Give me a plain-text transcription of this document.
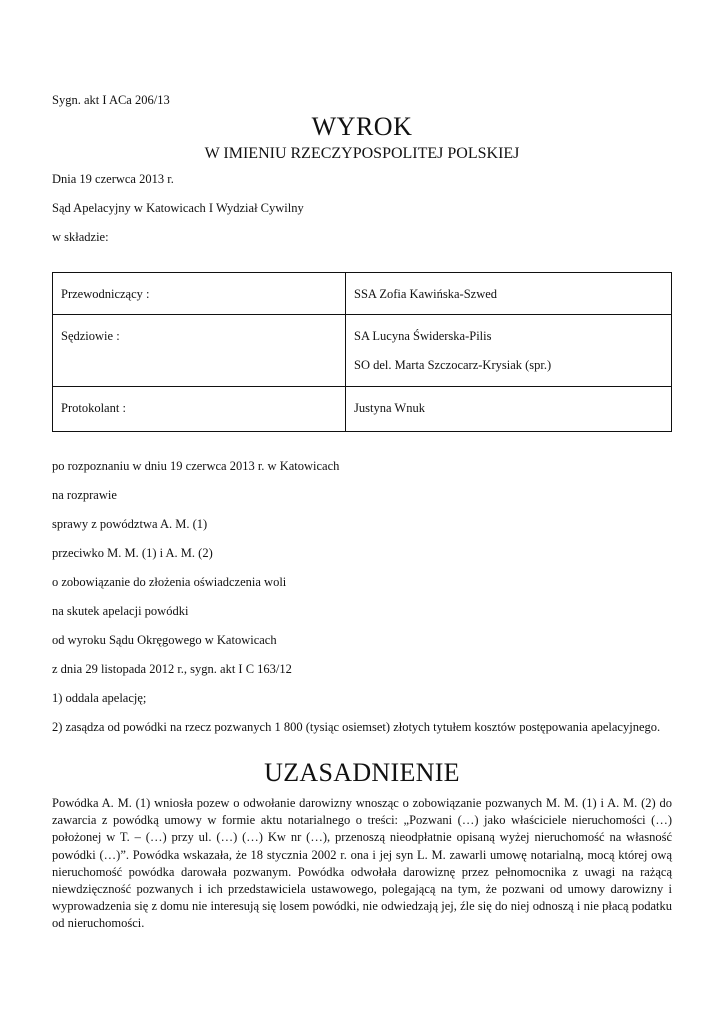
Sygn. akt I ACa 206/13
WYROK
W IMIENIU RZECZYPOSPOLITEJ POLSKIEJ
Dnia 19 czerwca 2013 r.
Sąd Apelacyjny w Katowicach I Wydział Cywilny
w składzie:
Przewodniczący :	SSA Zofia Kawińska-Szwed
Sędziowie :	SA Lucyna Świderska-Pilis
SO del. Marta Szczocarz-Krysiak (spr.)

Protokolant :	Justyna Wnuk
po rozpoznaniu w dniu 19 czerwca 2013 r. w Katowicach
na rozprawie
sprawy z powództwa A. M. (1)
przeciwko M. M. (1) i A. M. (2)
o zobowiązanie do złożenia oświadczenia woli
na skutek apelacji powódki
od wyroku Sądu Okręgowego w Katowicach
z dnia 29 listopada 2012 r., sygn. akt I C 163/12
1) oddala apelację;
2) zasądza od powódki na rzecz pozwanych 1 800 (tysiąc osiemset) złotych tytułem kosztów postępowania apelacyjnego.
UZASADNIENIE
Powódka A. M. (1) wniosła pozew o odwołanie darowizny wnosząc o zobowiązanie pozwanych M. M. (1) i A. M. (2) do zawarcia z powódką umowy w formie aktu notarialnego o treści: „Pozwani (…) jako właściciele nieruchomości (…) położonej w T. – (…) przy ul. (…) (…) Kw nr (…), przenoszą nieodpłatnie opisaną wyżej nieruchomość na własność powódki (…)”. Powódka wskazała, że 18 stycznia 2002 r. ona i jej syn L. M. zawarli umowę notarialną, mocą której ową nieruchomość powódka darowała pozwanym. Powódka odwołała darowiznę przez pełnomocnika z uwagi na rażącą niewdzięczność pozwanych i ich przedstawiciela ustawowego, polegającą na tym, że pozwani od umowy darowizny i wyprowadzenia się z domu nie interesują się losem powódki, nie odwiedzają jej, źle się do niej odnoszą i nie płacą podatku od nieruchomości.
